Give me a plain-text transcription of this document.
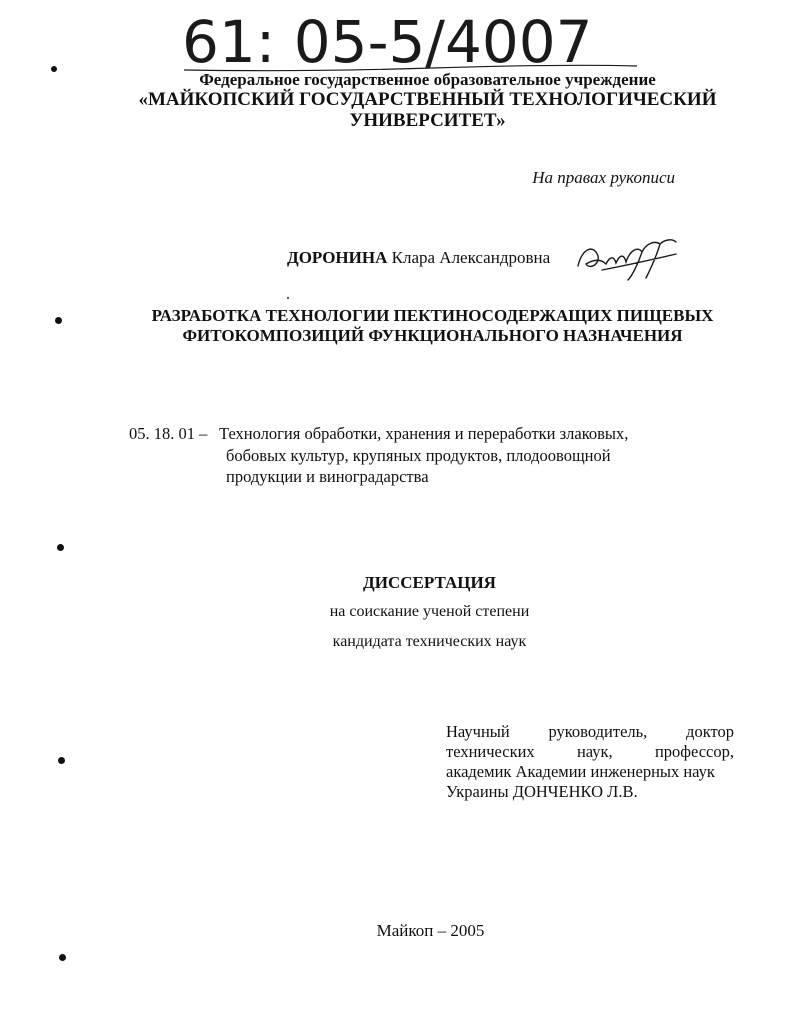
61: 05-5/4007
Федеральное государственное образовательное учреждение
«МАЙКОПСКИЙ ГОСУДАРСТВЕННЫЙ ТЕХНОЛОГИЧЕСКИЙ
УНИВЕРСИТЕТ»
На правах рукописи
ДОРОНИНА Клара Александровна
РАЗРАБОТКА ТЕХНОЛОГИИ ПЕКТИНОСОДЕРЖАЩИХ ПИЩЕВЫХ
ФИТОКОМПОЗИЦИЙ ФУНКЦИОНАЛЬНОГО НАЗНАЧЕНИЯ
05. 18. 01 – Технология обработки, хранения и переработки злаковых,
бобовых культур, крупяных продуктов, плодоовощной
продукции и виноградарства
ДИССЕРТАЦИЯ
на соискание ученой степени
кандидата технических наук
Научный руководитель, доктор
технических	наук,	профессор,
академик Академии инженерных наук
Украины ДОНЧЕНКО Л.В.
Майкоп – 2005
